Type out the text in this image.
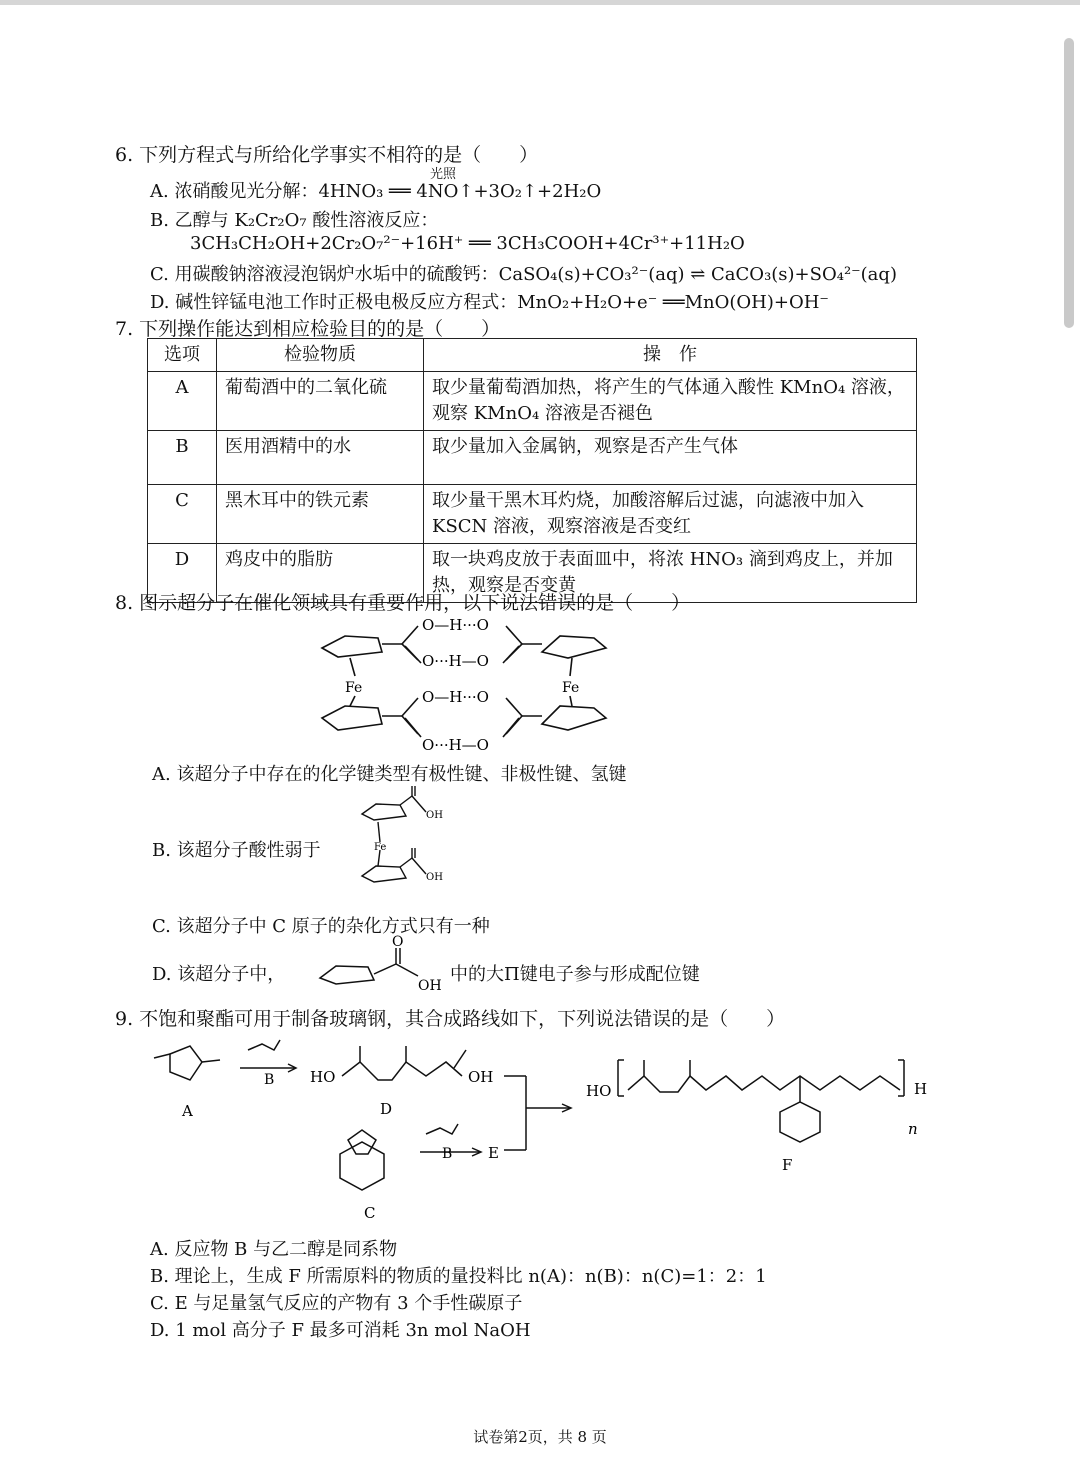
6. 下列方程式与所给化学事实不相符的是（　　）
A. 浓硝酸见光分解：4HNO₃ ══ 4NO↑+3O₂↑+2H₂O
光照
B. 乙醇与 K₂Cr₂O₇ 酸性溶液反应：
3CH₃CH₂OH+2Cr₂O₇²⁻+16H⁺ ══ 3CH₃COOH+4Cr³⁺+11H₂O
C. 用碳酸钠溶液浸泡锅炉水垢中的硫酸钙：CaSO₄(s)+CO₃²⁻(aq) ⇌ CaCO₃(s)+SO₄²⁻(aq)
D. 碱性锌锰电池工作时正极电极反应方程式：MnO₂+H₂O+e⁻ ══MnO(OH)+OH⁻
7. 下列操作能达到相应检验目的的是（　　）
选项	检验物质	操　作
A	葡萄酒中的二氧化硫	取少量葡萄酒加热，将产生的气体通入酸性 KMnO₄ 溶液，观察 KMnO₄ 溶液是否褪色
B	医用酒精中的水	取少量加入金属钠，观察是否产生气体
C	黑木耳中的铁元素	取少量干黑木耳灼烧，加酸溶解后过滤，向滤液中加入 KSCN 溶液，观察溶液是否变红
D	鸡皮中的脂肪	取一块鸡皮放于表面皿中，将浓 HNO₃ 滴到鸡皮上，并加热，观察是否变黄
8. 图示超分子在催化领域具有重要作用，以下说法错误的是（　　）
O—H···O
O···H—O
O—H···O
O···H—O
Fe	Fe
A. 该超分子中存在的化学键类型有极性键、非极性键、氢键
B. 该超分子酸性弱于	Fe
OH
OH
C. 该超分子中 C 原子的杂化方式只有一种
D. 该超分子中，
O
OH
中的大Π键电子参与形成配位键
9. 不饱和聚酯可用于制备玻璃钢，其合成路线如下，下列说法错误的是（　　）
A
B HO	OH
D
B E
C
HO	H
n
F
A. 反应物 B 与乙二醇是同系物
B. 理论上，生成 F 所需原料的物质的量投料比 n(A)：n(B)：n(C)=1：2：1
C. E 与足量氢气反应的产物有 3 个手性碳原子
D. 1 mol 高分子 F 最多可消耗 3n mol NaOH
试卷第2页，共 8 页
